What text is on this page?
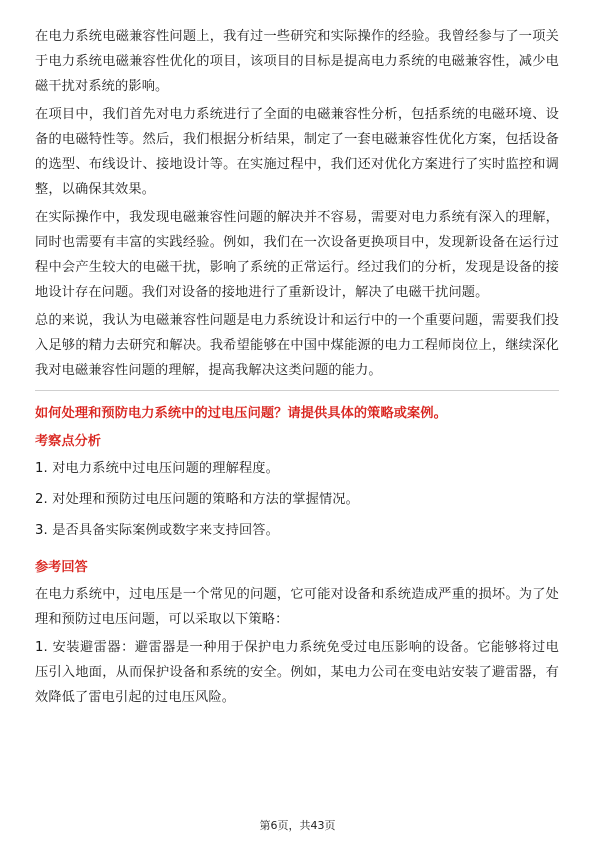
在电力系统电磁兼容性问题上，我有过一些研究和实际操作的经验。我曾经参与了一项关于电力系统电磁兼容性优化的项目，该项目的目标是提高电力系统的电磁兼容性，减少电磁干扰对系统的影响。

在项目中，我们首先对电力系统进行了全面的电磁兼容性分析，包括系统的电磁环境、设备的电磁特性等。然后，我们根据分析结果，制定了一套电磁兼容性优化方案，包括设备的选型、布线设计、接地设计等。在实施过程中，我们还对优化方案进行了实时监控和调整，以确保其效果。

在实际操作中，我发现电磁兼容性问题的解决并不容易，需要对电力系统有深入的理解，同时也需要有丰富的实践经验。例如，我们在一次设备更换项目中，发现新设备在运行过程中会产生较大的电磁干扰，影响了系统的正常运行。经过我们的分析，发现是设备的接地设计存在问题。我们对设备的接地进行了重新设计，解决了电磁干扰问题。

总的来说，我认为电磁兼容性问题是电力系统设计和运行中的一个重要问题，需要我们投入足够的精力去研究和解决。我希望能够在中国中煤能源的电力工程师岗位上，继续深化我对电磁兼容性问题的理解，提高我解决这类问题的能力。

如何处理和预防电力系统中的过电压问题？请提供具体的策略或案例。

考察点分析

1. 对电力系统中过电压问题的理解程度。

2. 对处理和预防过电压问题的策略和方法的掌握情况。

3. 是否具备实际案例或数字来支持回答。

参考回答

在电力系统中，过电压是一个常见的问题，它可能对设备和系统造成严重的损坏。为了处理和预防过电压问题，可以采取以下策略：

1. 安装避雷器：避雷器是一种用于保护电力系统免受过电压影响的设备。它能够将过电压引入地面，从而保护设备和系统的安全。例如，某电力公司在变电站安装了避雷器，有效降低了雷电引起的过电压风险。

第6页，共43页
